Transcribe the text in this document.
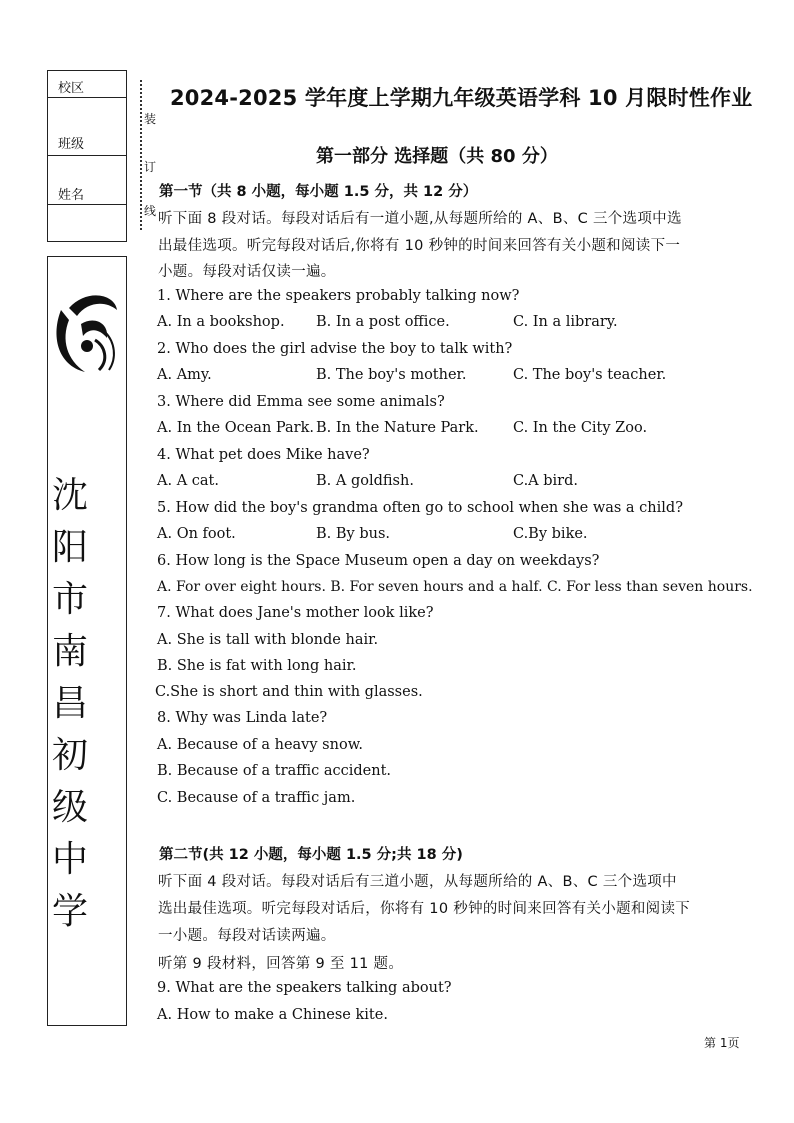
校区
班级
姓名
沈
阳
市
南
昌
初
级
中
学
装
订
线
2024-2025 学年度上学期九年级英语学科 10 月限时性作业
第一部分 选择题（共 80 分）
第一节（共 8 小题，每小题 1.5 分，共 12 分）
听下面 8 段对话。每段对话后有一道小题,从每题所给的 A、B、C 三个选项中选
出最佳选项。听完每段对话后,你将有 10 秒钟的时间来回答有关小题和阅读下一
小题。每段对话仅读一遍。
1. Where are the speakers probably talking now?
A. In a bookshop. B. In a post office.	C. In a library.
2. Who does the girl advise the boy to talk with?
A. Amy.	B. The boy's mother.	C. The boy's teacher.
3. Where did Emma see some animals?
A. In the Ocean Park. B. In the Nature Park. C. In the City Zoo.
4. What pet does Mike have?
A. A cat.	B. A goldfish.	C.A bird.
5. How did the boy's grandma often go to school when she was a child?
A. On foot.	B. By bus.	C.By bike.
6. How long is the Space Museum open a day on weekdays?
A. For over eight hours. B. For seven hours and a half. C. For less than seven hours.
7. What does Jane's mother look like?
A. She is tall with blonde hair.
B. She is fat with long hair.
C.She is short and thin with glasses.
8. Why was Linda late?
A. Because of a heavy snow.
B. Because of a traffic accident.
C. Because of a traffic jam.
第二节(共 12 小题，每小题 1.5 分;共 18 分)
听下面 4 段对话。每段对话后有三道小题，从每题所给的 A、B、C 三个选项中
选出最佳选项。听完每段对话后，你将有 10 秒钟的时间来回答有关小题和阅读下
一小题。每段对话读两遍。
听第 9 段材料，回答第 9 至 11 题。
9. What are the speakers talking about?
A. How to make a Chinese kite.
第 1页
